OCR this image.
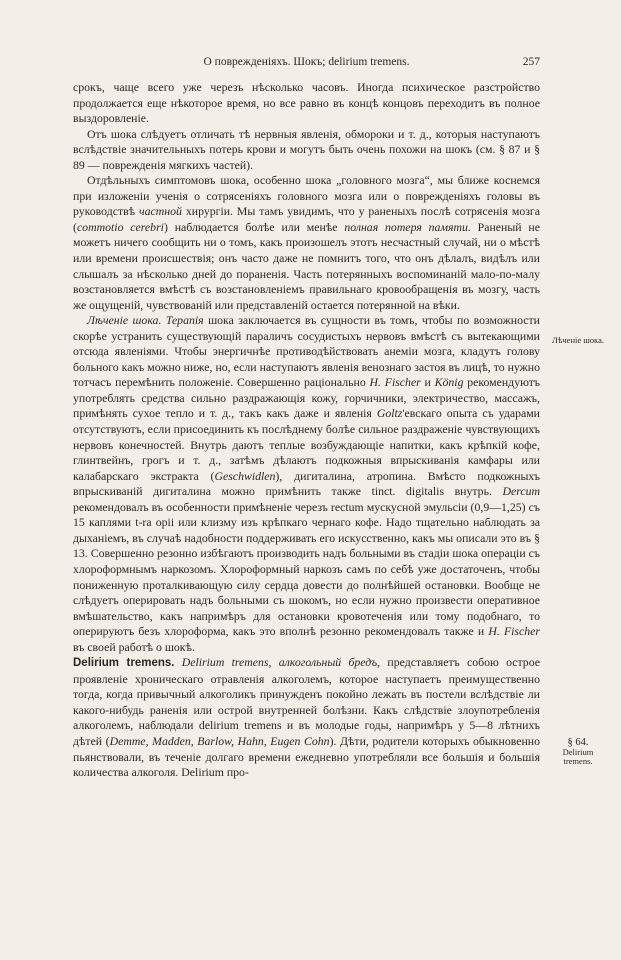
О поврежденіяхъ. Шокъ; delirium tremens.	257
Лѣченіе шока.
§ 64.
Delirium tremens.

срокъ, чаще всего уже черезъ нѣсколько часовъ. Иногда психическое разстройство продолжается еще нѣкоторое время, но все равно въ концѣ концовъ переходитъ въ полное выздоровленіе.

Отъ шока слѣдуетъ отличать тѣ нервныя явленія, обмороки и т. д., которыя наступаютъ вслѣдствіе значительныхъ потерь крови и могутъ быть очень похожи на шокъ (см. § 87 и § 89 — поврежденія мягкихъ частей).

Отдѣльныхъ симптомовъ шока, особенно шока „головного мозга“, мы ближе коснемся при изложеніи ученія о сотрясеніяхъ головного мозга или о поврежденіяхъ головы въ руководствѣ частной хирургіи. Мы тамъ увидимъ, что у раненыхъ послѣ сотрясенія мозга (commotio cerebri) наблюдается болѣе или менѣе полная потеря памяти. Раненый не можетъ ничего сообщить ни о томъ, какъ произошелъ этотъ несчастный случай, ни о мѣстѣ или времени происшествія; онъ часто даже не помнитъ того, что онъ дѣлалъ, видѣлъ или слышалъ за нѣсколько дней до пораненія. Часть потерянныхъ воспоминаній мало-по-малу возстановляется вмѣстѣ съ возстановленіемъ правильнаго кровообращенія въ мозгу, часть же ощущеній, чувствованій или представленій остается потерянной на вѣки.

Лѣченіе шока. Терапія шока заключается въ сущности въ томъ, чтобы по возможности скорѣе устранить существующій параличъ сосудистыхъ нервовъ вмѣстѣ съ вытекающими отсюда явленіями. Чтобы энергичнѣе противодѣйствовать анеміи мозга, кладутъ голову больного какъ можно ниже, но, если наступаютъ явленія венознаго застоя въ лицѣ, то нужно тотчасъ перемѣнить положеніе. Совершенно раціонально H. Fischer и König рекомендуютъ употреблять средства сильно раздражающія кожу, горчичники, электричество, массажъ, примѣнять сухое тепло и т. д., такъ какъ даже и явленія Goltz'евскаго опыта съ ударами отсутствуютъ, если присоединить къ послѣднему болѣе сильное раздраженіе чувствующихъ нервовъ конечностей. Внутрь даютъ теплые возбуждающіе напитки, какъ крѣпкій кофе, глинтвейнъ, грогъ и т. д., затѣмъ дѣлаютъ подкожныя впрыскиванія камфары или калабарскаго экстракта (Geschwidlen), дигиталина, атропина. Вмѣсто подкожныхъ впрыскиваній дигиталина можно примѣнить также tinct. digitalis внутрь. Dercum рекомендовалъ въ особенности примѣненіе черезъ rectum мускусной эмульсіи (0,9—1,25) съ 15 каплями t-ra opii или клизму изъ крѣпкаго чернаго кофе. Надо тщательно наблюдать за дыханіемъ, въ случаѣ надобности поддерживать его искусственно, какъ мы описали это въ § 13. Совершенно резонно избѣгаютъ производить надъ больными въ стадіи шока операціи съ хлороформнымъ наркозомъ. Хлороформный наркозъ самъ по себѣ уже достаточенъ, чтобы пониженную проталкивающую силу сердца довести до полнѣйшей остановки. Вообще не слѣдуетъ оперировать надъ больными съ шокомъ, но если нужно произвести оперативное вмѣшательство, какъ напримѣръ для остановки кровотеченія или тому подобнаго, то оперируютъ безъ хлороформа, какъ это вполнѣ резонно рекомендовалъ также и H. Fischer въ своей работѣ о шокѣ.

Delirium tremens. Delirium tremens, алкогольный бредъ, представляетъ собою острое проявленіе хроническаго отравленія алкоголемъ, которое наступаетъ преимущественно тогда, когда привычный алкоголикъ принужденъ покойно лежать въ постели вслѣдствіе ли какого-нибудь раненія или острой внутренней болѣзни. Какъ слѣдствіе злоупотребленія алкоголемъ, наблюдали delirium tremens и въ молодые годы, напримѣръ у 5—8 лѣтнихъ дѣтей (Demme, Madden, Barlow, Hahn, Eugen Cohn). Дѣти, родители которыхъ обыкновенно пьянствовали, въ теченіе долгаго времени ежедневно употребляли все большія и большія количества алкоголя. Delirium про-
